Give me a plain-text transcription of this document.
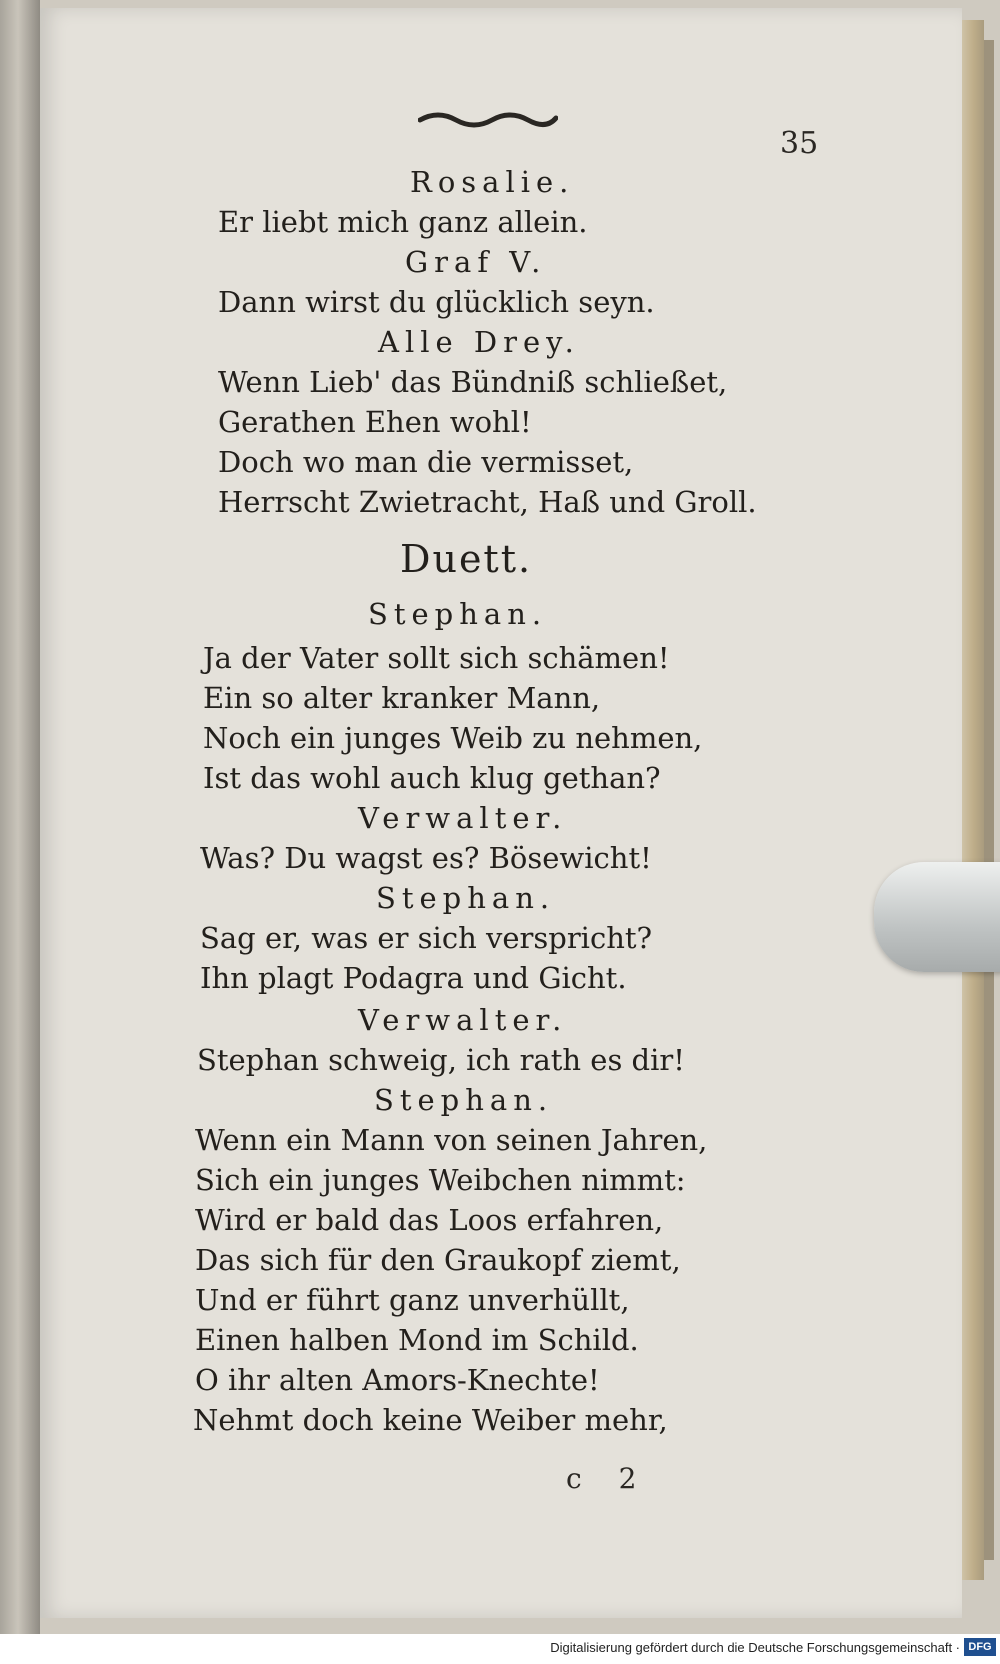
35
Rosalie.
Er liebt mich ganz allein.
Graf V.
Dann wirst du glücklich seyn.
Alle Drey.
Wenn Lieb' das Bündniß schließet,
Gerathen Ehen wohl!
Doch wo man die vermisset,
Herrscht Zwietracht, Haß und Groll.
Duett.
Stephan.
Ja der Vater sollt sich schämen!
Ein so alter kranker Mann,
Noch ein junges Weib zu nehmen,
Ist das wohl auch klug gethan?
Verwalter.
Was? Du wagst es? Bösewicht!
Stephan.
Sag er, was er sich verspricht?
Ihn plagt Podagra und Gicht.
Verwalter.
Stephan schweig, ich rath es dir!
Stephan.
Wenn ein Mann von seinen Jahren,
Sich ein junges Weibchen nimmt:
Wird er bald das Loos erfahren,
Das sich für den Graukopf ziemt,
Und er führt ganz unverhüllt,
Einen halben Mond im Schild.
O ihr alten Amors-Knechte!
Nehmt doch keine Weiber mehr,
c 2
Digitalisierung gefördert durch die Deutsche Forschungsgemeinschaft · DFG
